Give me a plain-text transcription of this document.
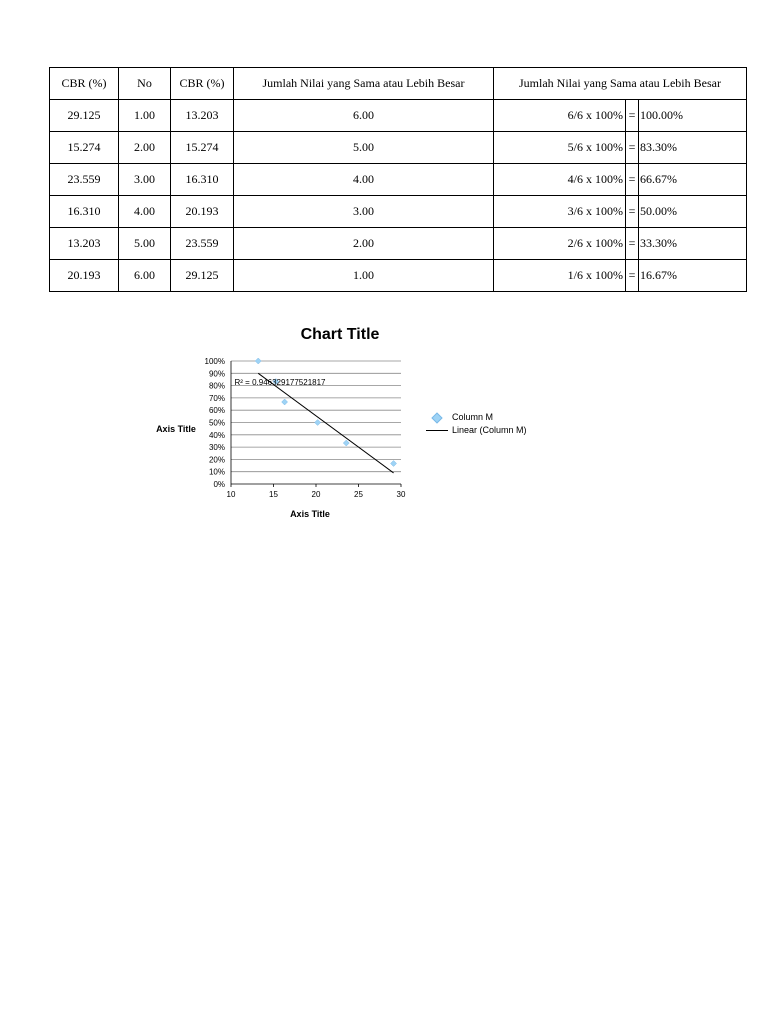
CBR (%)	No	CBR (%)	Jumlah Nilai yang Sama atau Lebih Besar	Jumlah Nilai yang Sama atau Lebih Besar		
29.125	1.00	13.203	6.00	6/6 x 100%	=	100.00%
15.274	2.00	15.274	5.00	5/6 x 100%	=	83.30%
23.559	3.00	16.310	4.00	4/6 x 100%	=	66.67%
16.310	4.00	20.193	3.00	3/6 x 100%	=	50.00%
13.203	5.00	23.559	2.00	2/6 x 100%	=	33.30%
20.193	6.00	29.125	1.00	1/6 x 100%	=	16.67%
Chart Title
Axis Title
Axis Title
0%
10%
20%
30%
40%
50%
60%
70%
80%
90%
100%
10	15	20	25	30
R² = 0.946329177521817
Column M
Linear (Column M)
